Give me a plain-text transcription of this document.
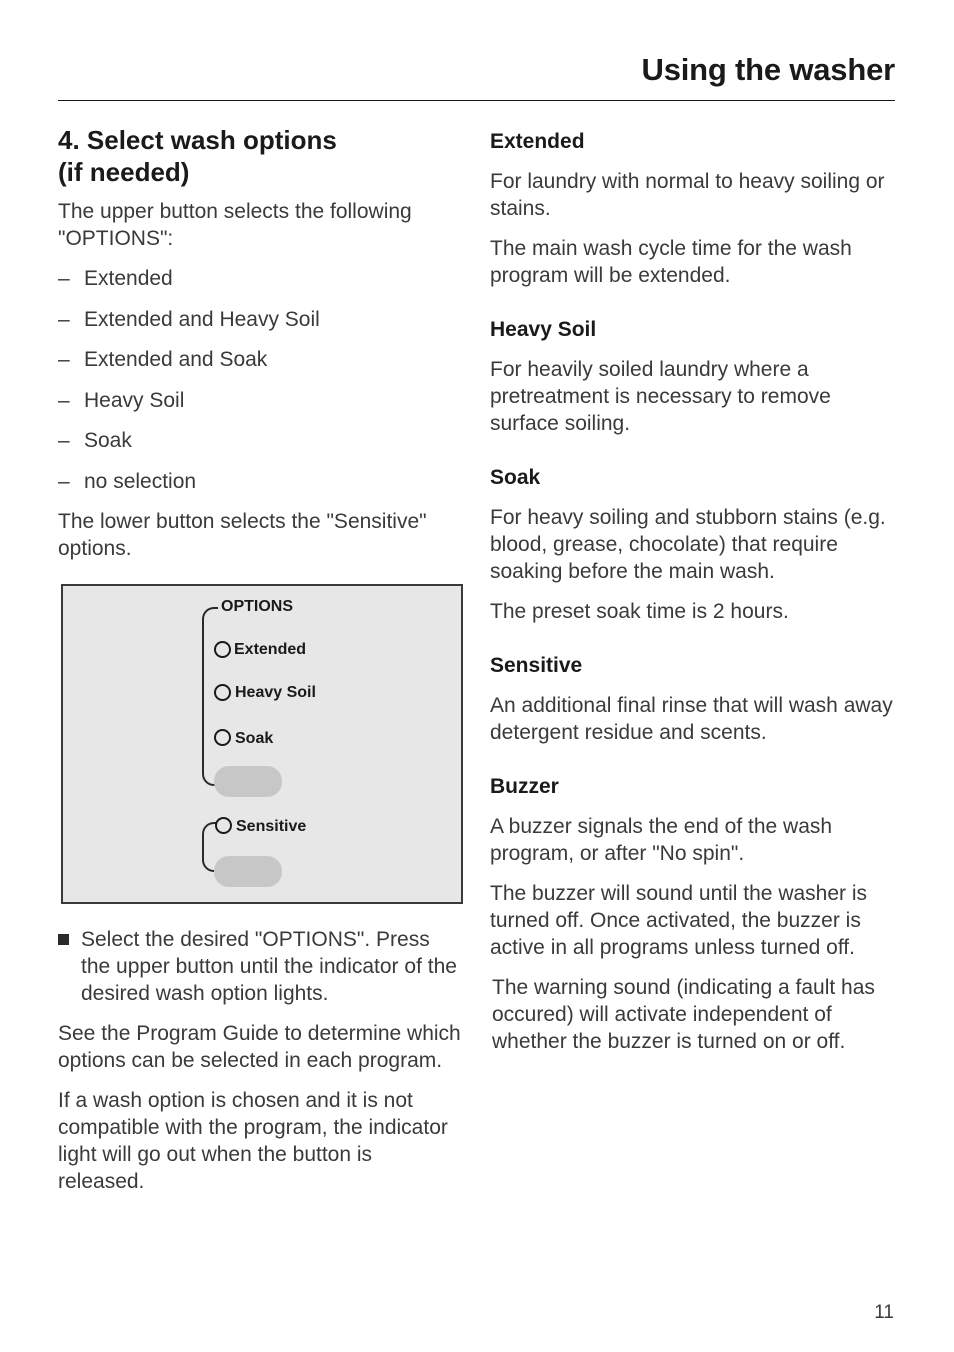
Using the washer
4. Select wash options
(if needed)

The upper button selects the following "OPTIONS":

– Extended
– Extended and Heavy Soil
– Extended and Soak
– Heavy Soil
– Soak
– no selection

The lower button selects the "Sensitive" options.

OPTIONS
Extended
Heavy Soil
Soak
Sensitive

Select the desired "OPTIONS". Press the upper button until the indicator of the desired wash option lights.

See the Program Guide to determine which options can be selected in each program.

If a wash option is chosen and it is not compatible with the program, the indicator light will go out when the button is released.

Extended

For laundry with normal to heavy soiling or stains.

The main wash cycle time for the wash program will be extended.

Heavy Soil

For heavily soiled laundry where a pretreatment is necessary to remove surface soiling.

Soak

For heavy soiling and stubborn stains (e.g. blood, grease, chocolate) that require soaking before the main wash.

The preset soak time is 2 hours.

Sensitive

An additional final rinse that will wash away detergent residue and scents.

Buzzer

A buzzer signals the end of the wash program, or after "No spin".

The buzzer will sound until the washer is turned off. Once activated, the buzzer is active in all programs unless turned off.

The warning sound (indicating a fault has occured) will activate independent of whether the buzzer is turned on or off.

11
